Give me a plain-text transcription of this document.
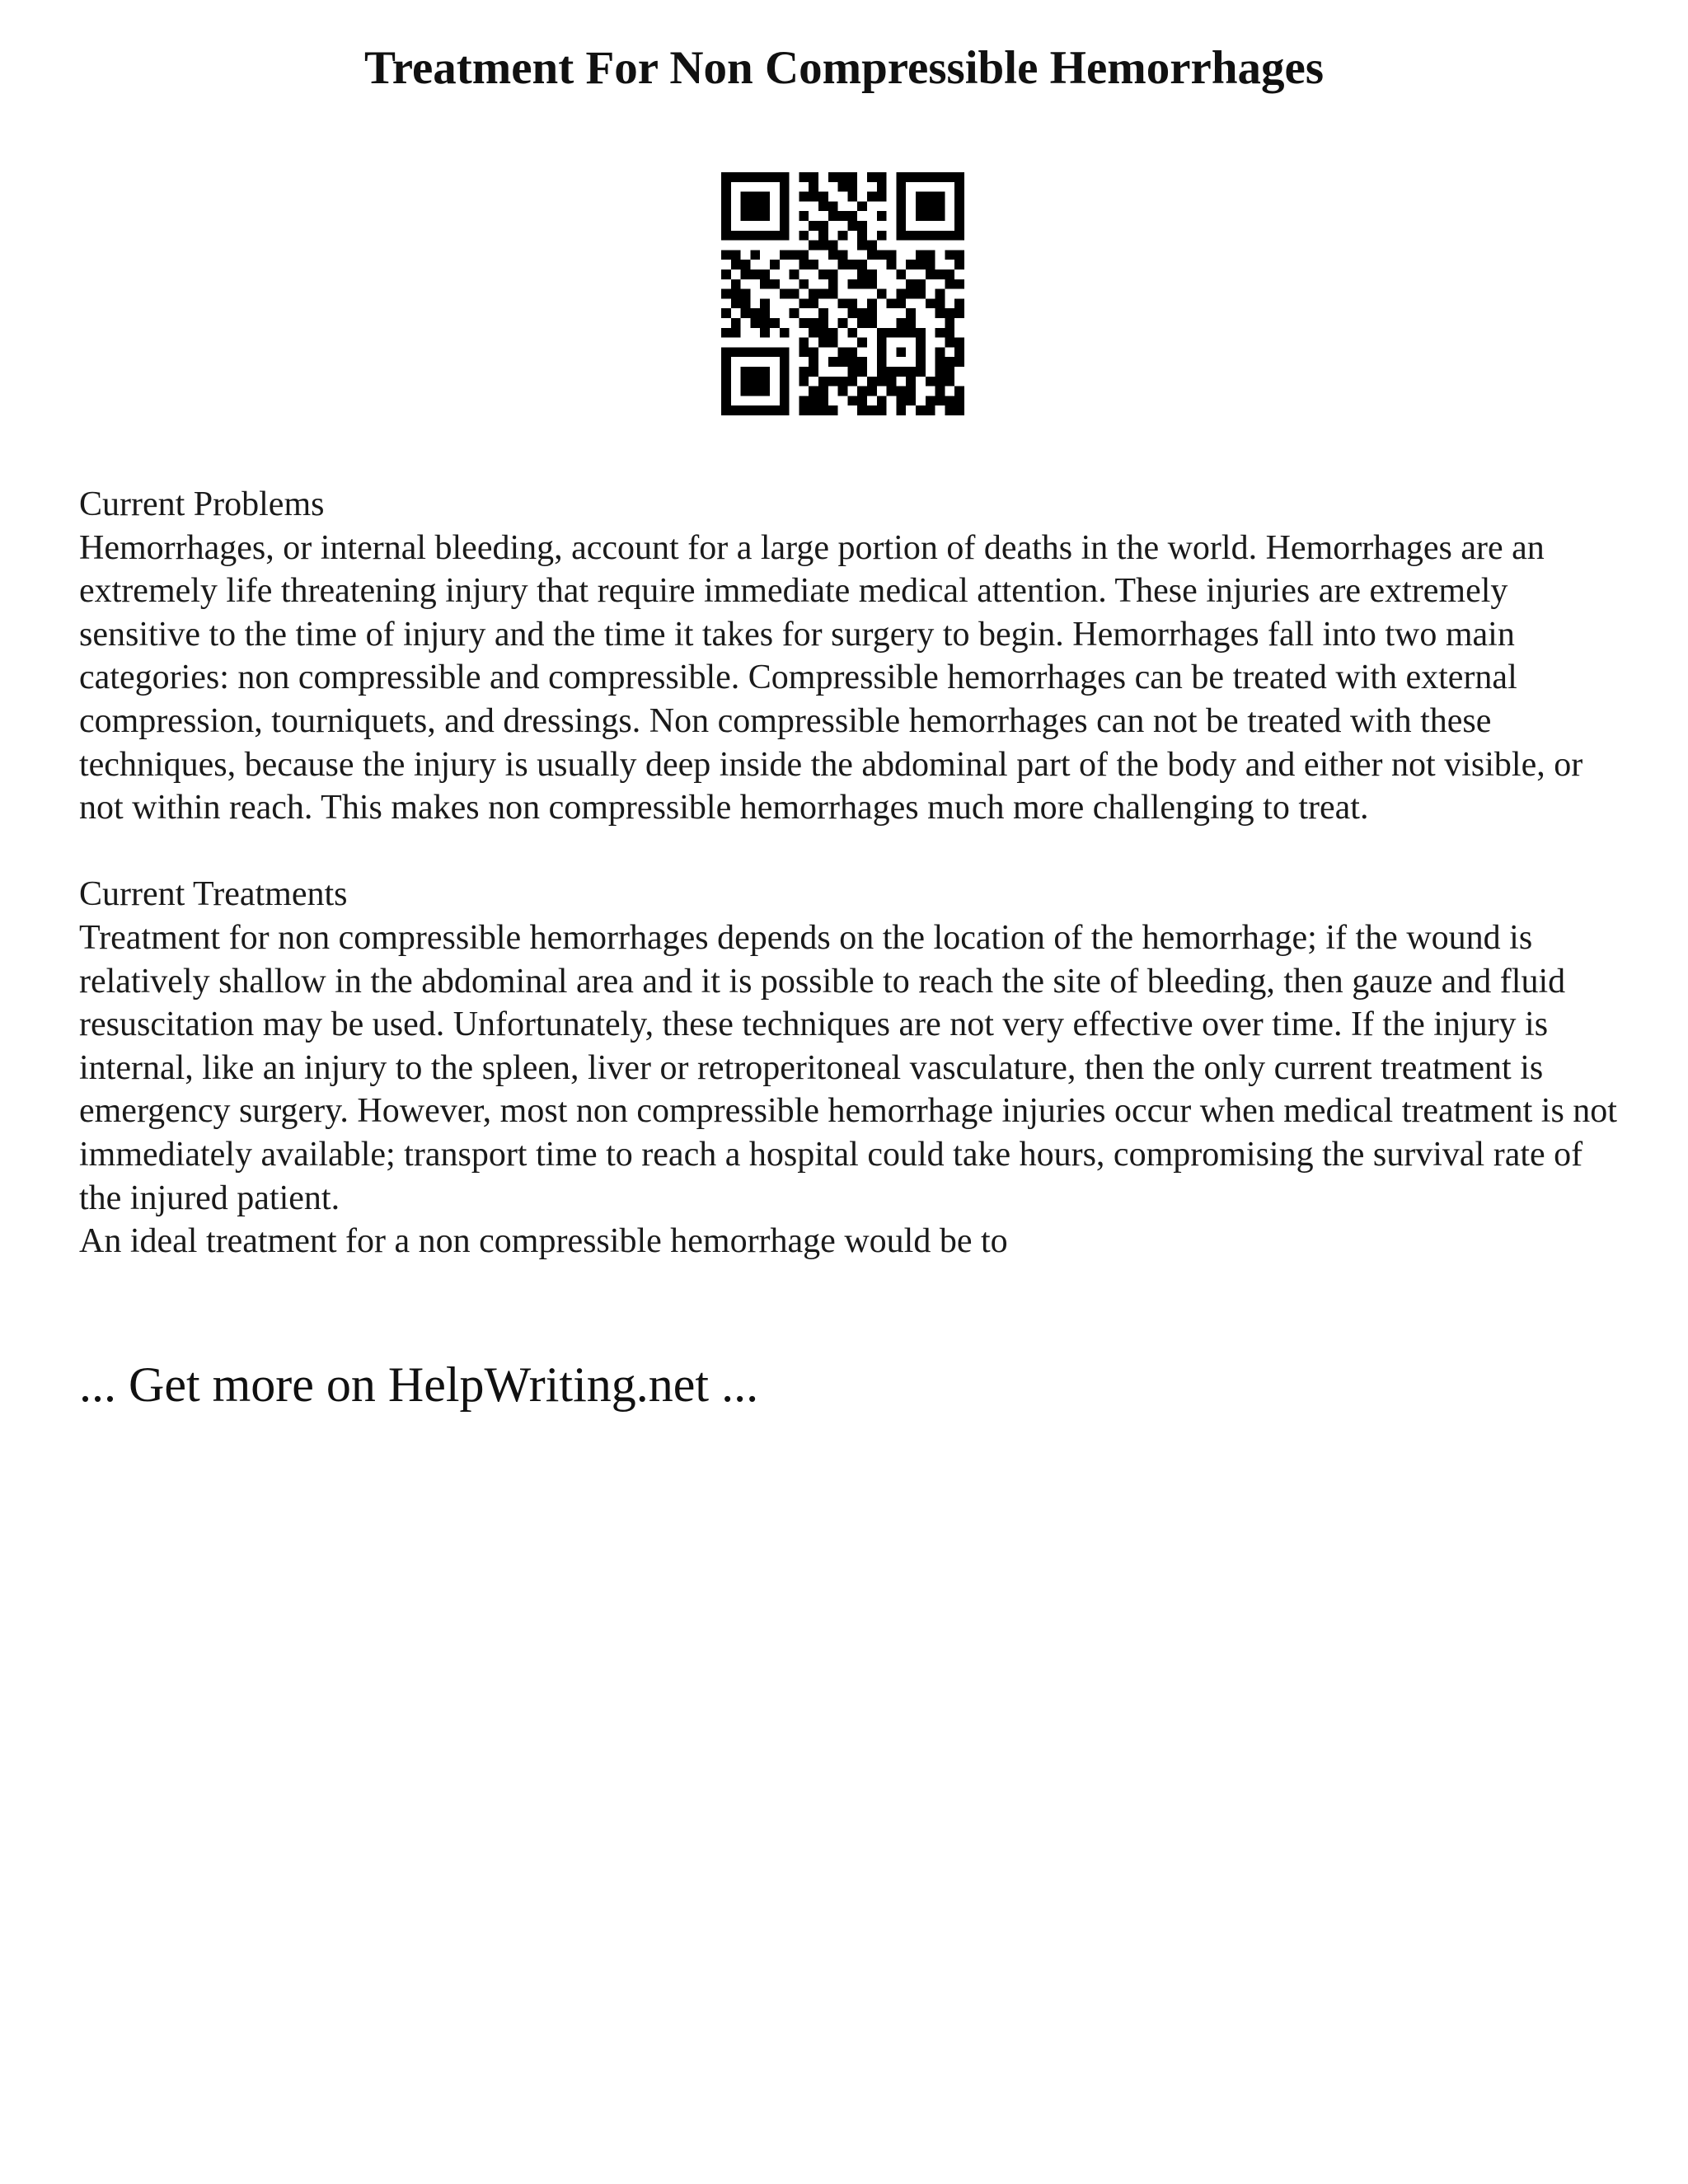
Treatment For Non Compressible Hemorrhages

Current Problems

Hemorrhages, or internal bleeding, account for a large portion of deaths in the world. Hemorrhages are an extremely life threatening injury that require immediate medical attention. These injuries are extremely sensitive to the time of injury and the time it takes for surgery to begin. Hemorrhages fall into two main categories: non compressible and compressible. Compressible hemorrhages can be treated with external compression, tourniquets, and dressings. Non compressible hemorrhages can not be treated with these techniques, because the injury is usually deep inside the abdominal part of the body and either not visible, or not within reach. This makes non compressible hemorrhages much more challenging to treat.

Current Treatments

Treatment for non compressible hemorrhages depends on the location of the hemorrhage; if the wound is relatively shallow in the abdominal area and it is possible to reach the site of bleeding, then gauze and fluid resuscitation may be used. Unfortunately, these techniques are not very effective over time. If the injury is internal, like an injury to the spleen, liver or retroperitoneal vasculature, then the only current treatment is emergency surgery. However, most non compressible hemorrhage injuries occur when medical treatment is not immediately available; transport time to reach a hospital could take hours, compromising the survival rate of the injured patient.

An ideal treatment for a non compressible hemorrhage would be to

... Get more on HelpWriting.net ...
